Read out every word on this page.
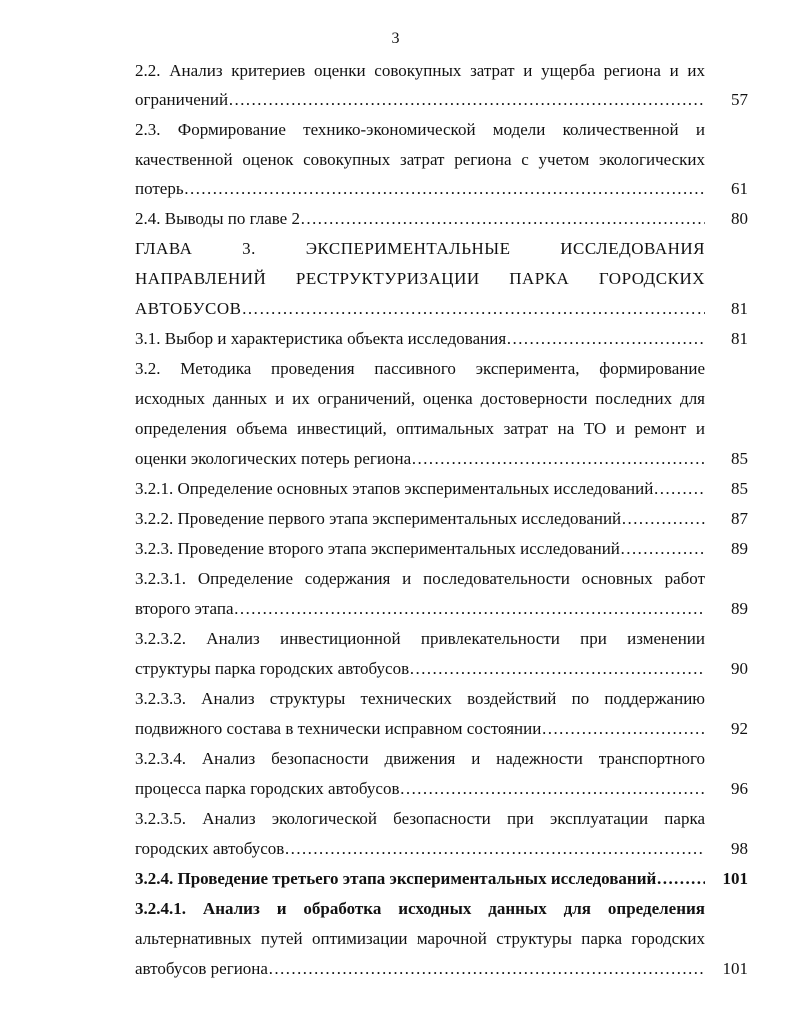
3
2.2. Анализ критериев оценки совокупных затрат и ущерба региона и их
ограничений ………………………………………………………………………………………………………………………………………………………………	57
2.3. Формирование технико-экономической модели количественной и
качественной оценок совокупных затрат региона с учетом экологических
потерь ………………………………………………………………………………………………………………………………………………………………	61
2.4. Выводы по главе 2 ………………………………………………………………………………………………………………………………………………………………	80
ГЛАВА 3. ЭКСПЕРИМЕНТАЛЬНЫЕ ИССЛЕДОВАНИЯ
НАПРАВЛЕНИЙ РЕСТРУКТУРИЗАЦИИ ПАРКА ГОРОДСКИХ
АВТОБУСОВ ………………………………………………………………………………………………………………………………………………………………	81
3.1. Выбор и характеристика объекта исследования ………………………………………………………………………………………………………………………………………………………………	81
3.2. Методика проведения пассивного эксперимента, формирование
исходных данных и их ограничений, оценка достоверности последних для
определения объема инвестиций, оптимальных затрат на ТО и ремонт и
оценки экологических потерь региона ………………………………………………………………………………………………………………………………………………………………	85
3.2.1. Определение основных этапов экспериментальных исследований ………………………………………………………………………………………………………………………………………………………………	85
3.2.2. Проведение первого этапа экспериментальных исследований ………………………………………………………………………………………………………………………………………………………………	87
3.2.3. Проведение второго этапа экспериментальных исследований ………………………………………………………………………………………………………………………………………………………………	89
3.2.3.1. Определение содержания и последовательности основных работ
второго этапа ………………………………………………………………………………………………………………………………………………………………	89
3.2.3.2. Анализ инвестиционной привлекательности при изменении
структуры парка городских автобусов ………………………………………………………………………………………………………………………………………………………………	90
3.2.3.3. Анализ структуры технических воздействий по поддержанию
подвижного состава в технически исправном состоянии ………………………………………………………………………………………………………………………………………………………………	92
3.2.3.4. Анализ безопасности движения и надежности транспортного
процесса парка городских автобусов ………………………………………………………………………………………………………………………………………………………………	96
3.2.3.5. Анализ экологической безопасности при эксплуатации парка
городских автобусов ………………………………………………………………………………………………………………………………………………………………	98
3.2.4. Проведение третьего этапа экспериментальных исследований ………………………………………………………………………………………………………………………………………………………………	101
3.2.4.1. Анализ и обработка исходных данных для определения
альтернативных путей оптимизации марочной структуры парка городских
автобусов региона ………………………………………………………………………………………………………………………………………………………………	101
